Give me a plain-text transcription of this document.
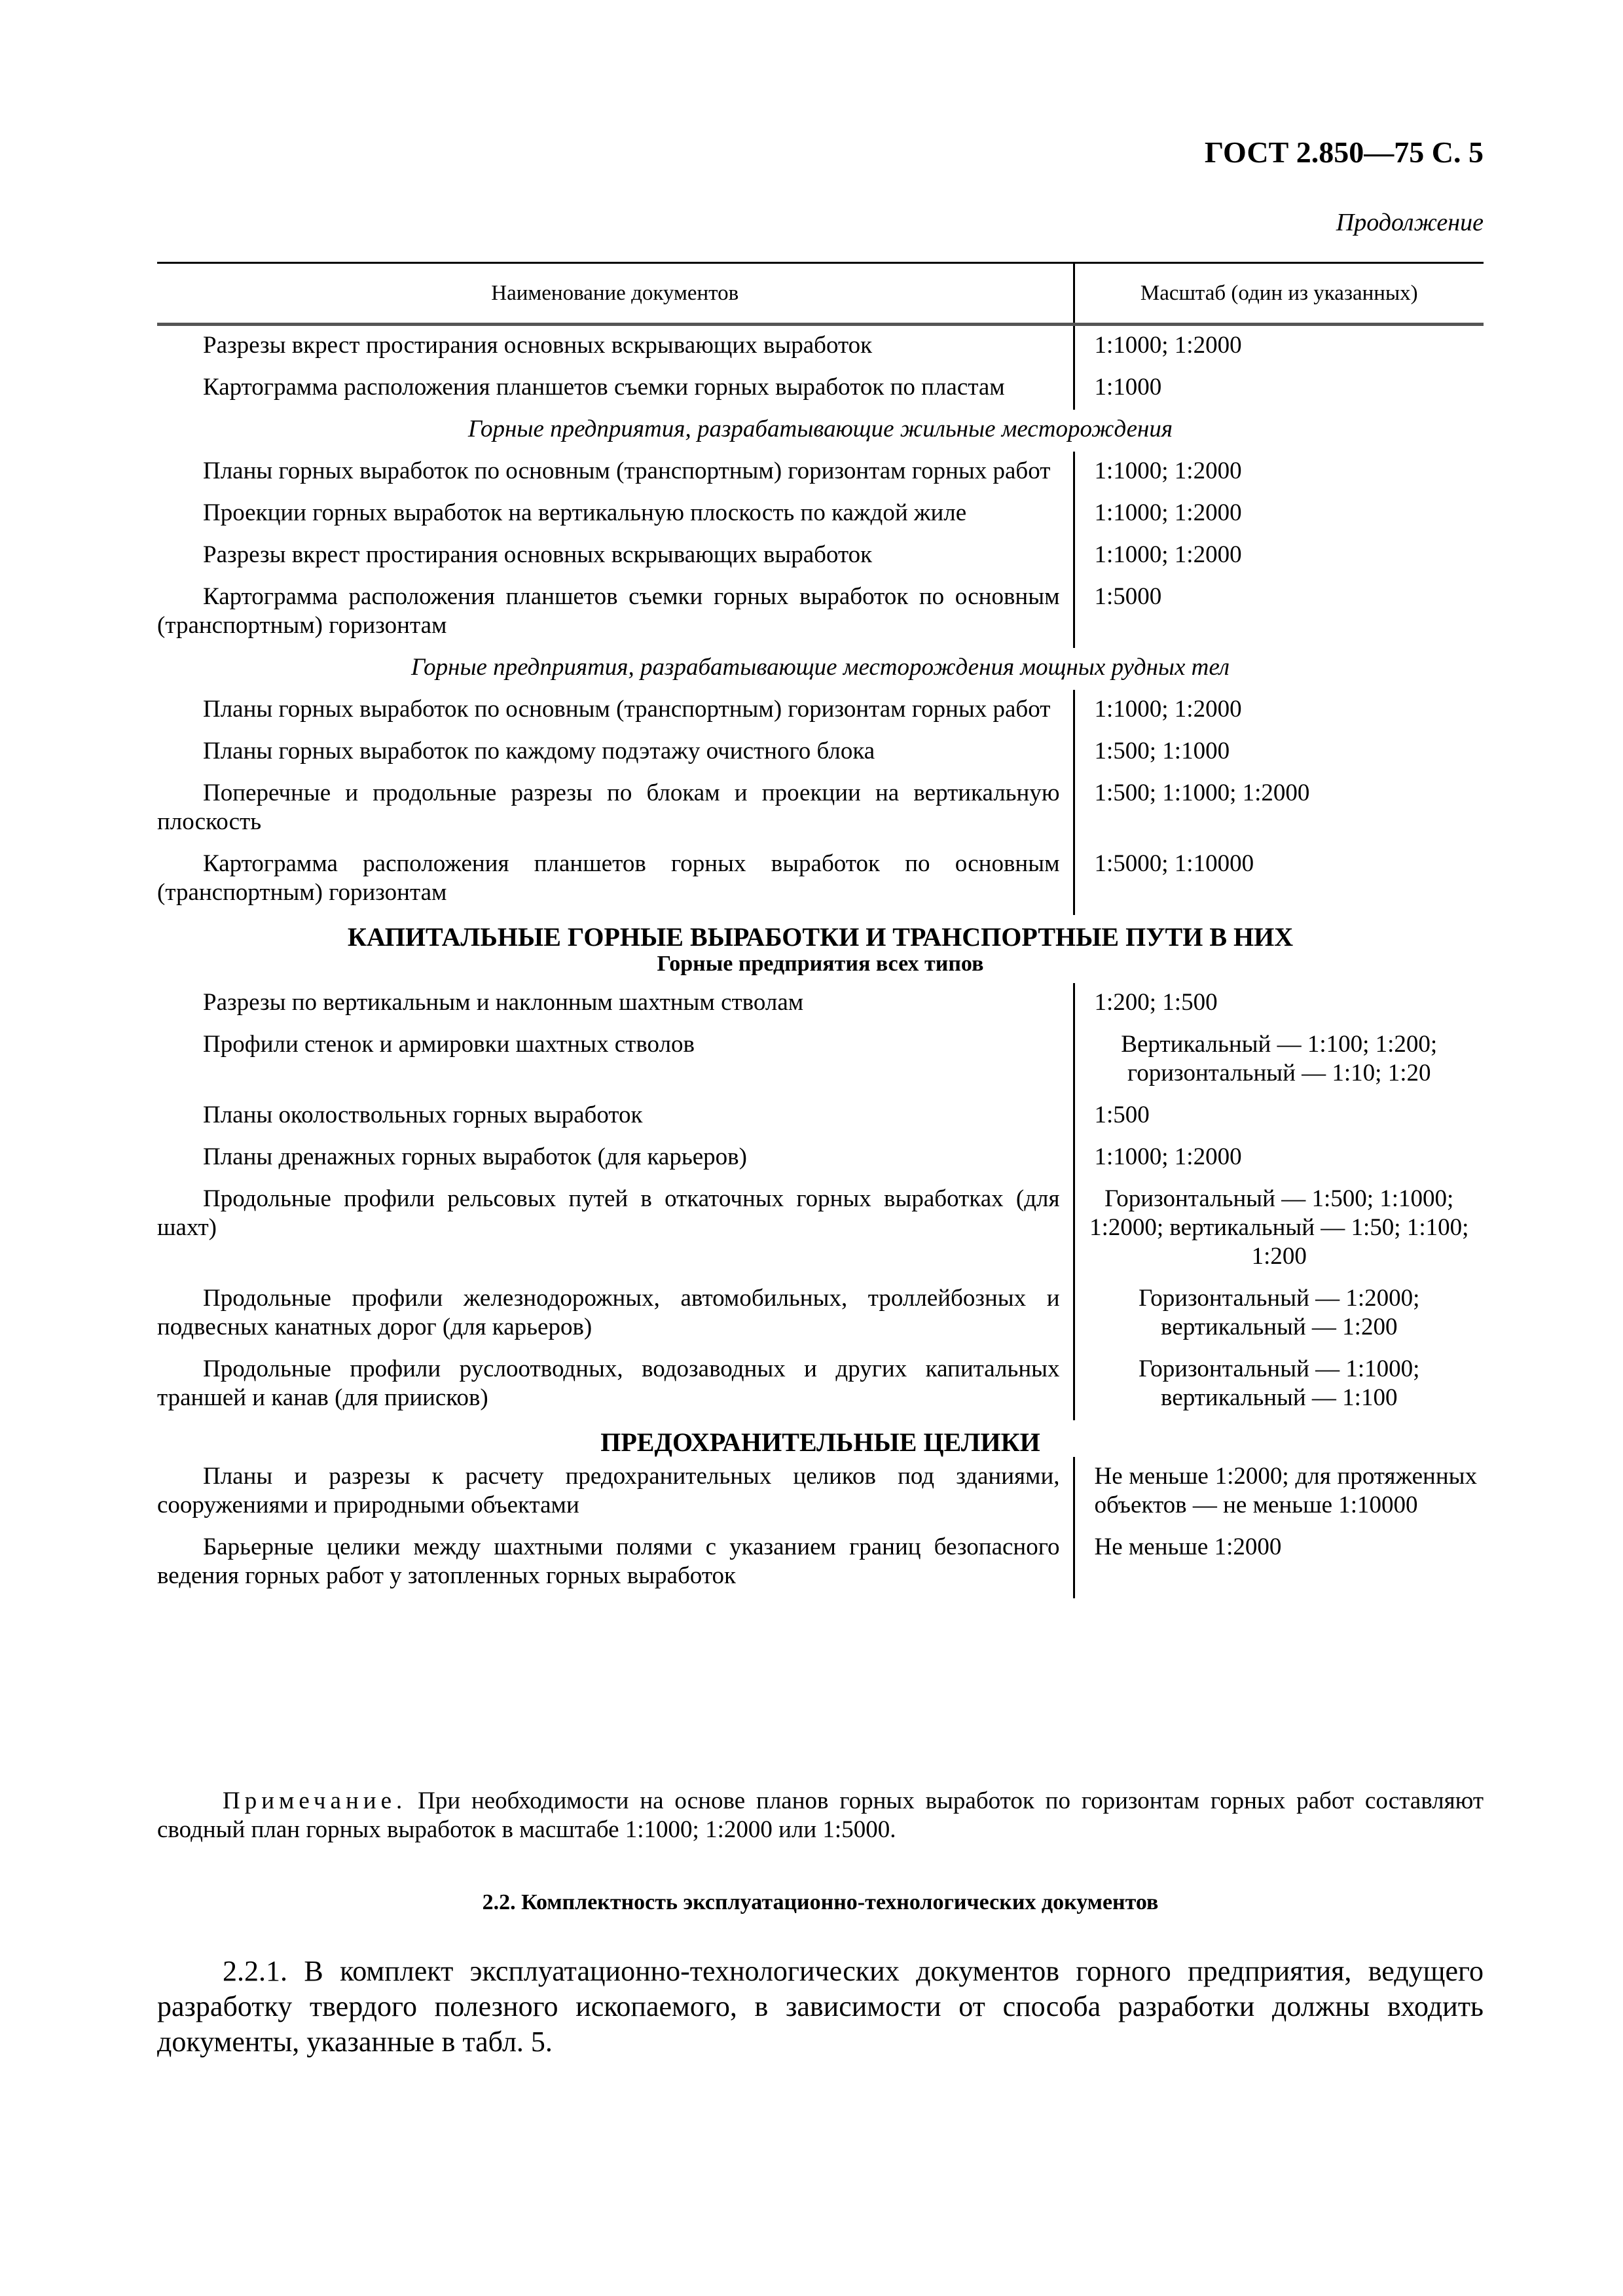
ГОСТ 2.850—75 С. 5
Продолжение
Наименование документов	Масштаб (один из указанных)
Разрезы вкрест простирания основных вскрывающих выработок	1:1000; 1:2000
Картограмма расположения планшетов съемки горных выработок по пластам	1:1000
Горные предприятия, разрабатывающие жильные месторождения	
Планы горных выработок по основным (транспортным) горизонтам горных работ	1:1000; 1:2000
Проекции горных выработок на вертикальную плоскость по каждой жиле	1:1000; 1:2000
Разрезы вкрест простирания основных вскрывающих выработок	1:1000; 1:2000
Картограмма расположения планшетов съемки горных выработок по основным (транспортным) горизонтам	1:5000
Горные предприятия, разрабатывающие месторождения мощных рудных тел	
Планы горных выработок по основным (транспортным) горизонтам горных работ	1:1000; 1:2000
Планы горных выработок по каждому подэтажу очистного блока	1:500; 1:1000
Поперечные и продольные разрезы по блокам и проекции на вертикальную плоскость	1:500; 1:1000; 1:2000
Картограмма расположения планшетов горных выработок по основным (транспортным) горизонтам	1:5000; 1:10000
КАПИТАЛЬНЫЕ ГОРНЫЕ ВЫРАБОТКИ И ТРАНСПОРТНЫЕ ПУТИ В НИХ	
Горные предприятия всех типов	
Разрезы по вертикальным и наклонным шахтным стволам	1:200; 1:500
Профили стенок и армировки шахтных стволов	Вертикальный — 1:100; 1:200; горизонтальный — 1:10; 1:20
Планы околоствольных горных выработок	1:500
Планы дренажных горных выработок (для карьеров)	1:1000; 1:2000
Продольные профили рельсовых путей в откаточных горных выработках (для шахт)	Горизонтальный — 1:500; 1:1000; 1:2000; вертикальный — 1:50; 1:100; 1:200
Продольные профили железнодорожных, автомобильных, троллейбозных и подвесных канатных дорог (для карьеров)	Горизонтальный — 1:2000; вертикальный — 1:200
Продольные профили руслоотводных, водозаводных и других капитальных траншей и канав (для приисков)	Горизонтальный — 1:1000; вертикальный — 1:100
ПРЕДОХРАНИТЕЛЬНЫЕ ЦЕЛИКИ	
Планы и разрезы к расчету предохранительных целиков под зданиями, сооружениями и природными объектами	Не меньше 1:2000; для протяженных объектов — не меньше 1:10000
Барьерные целики между шахтными полями с указанием границ безопасного ведения горных работ у затопленных горных выработок	Не меньше 1:2000
Примечание. При необходимости на основе планов горных выработок по горизонтам горных работ составляют сводный план горных выработок в масштабе 1:1000; 1:2000 или 1:5000.
2.2. Комплектность эксплуатационно-технологических документов
2.2.1. В комплект эксплуатационно-технологических документов горного предприятия, ведущего разработку твердого полезного ископаемого, в зависимости от способа разработки должны входить документы, указанные в табл. 5.
